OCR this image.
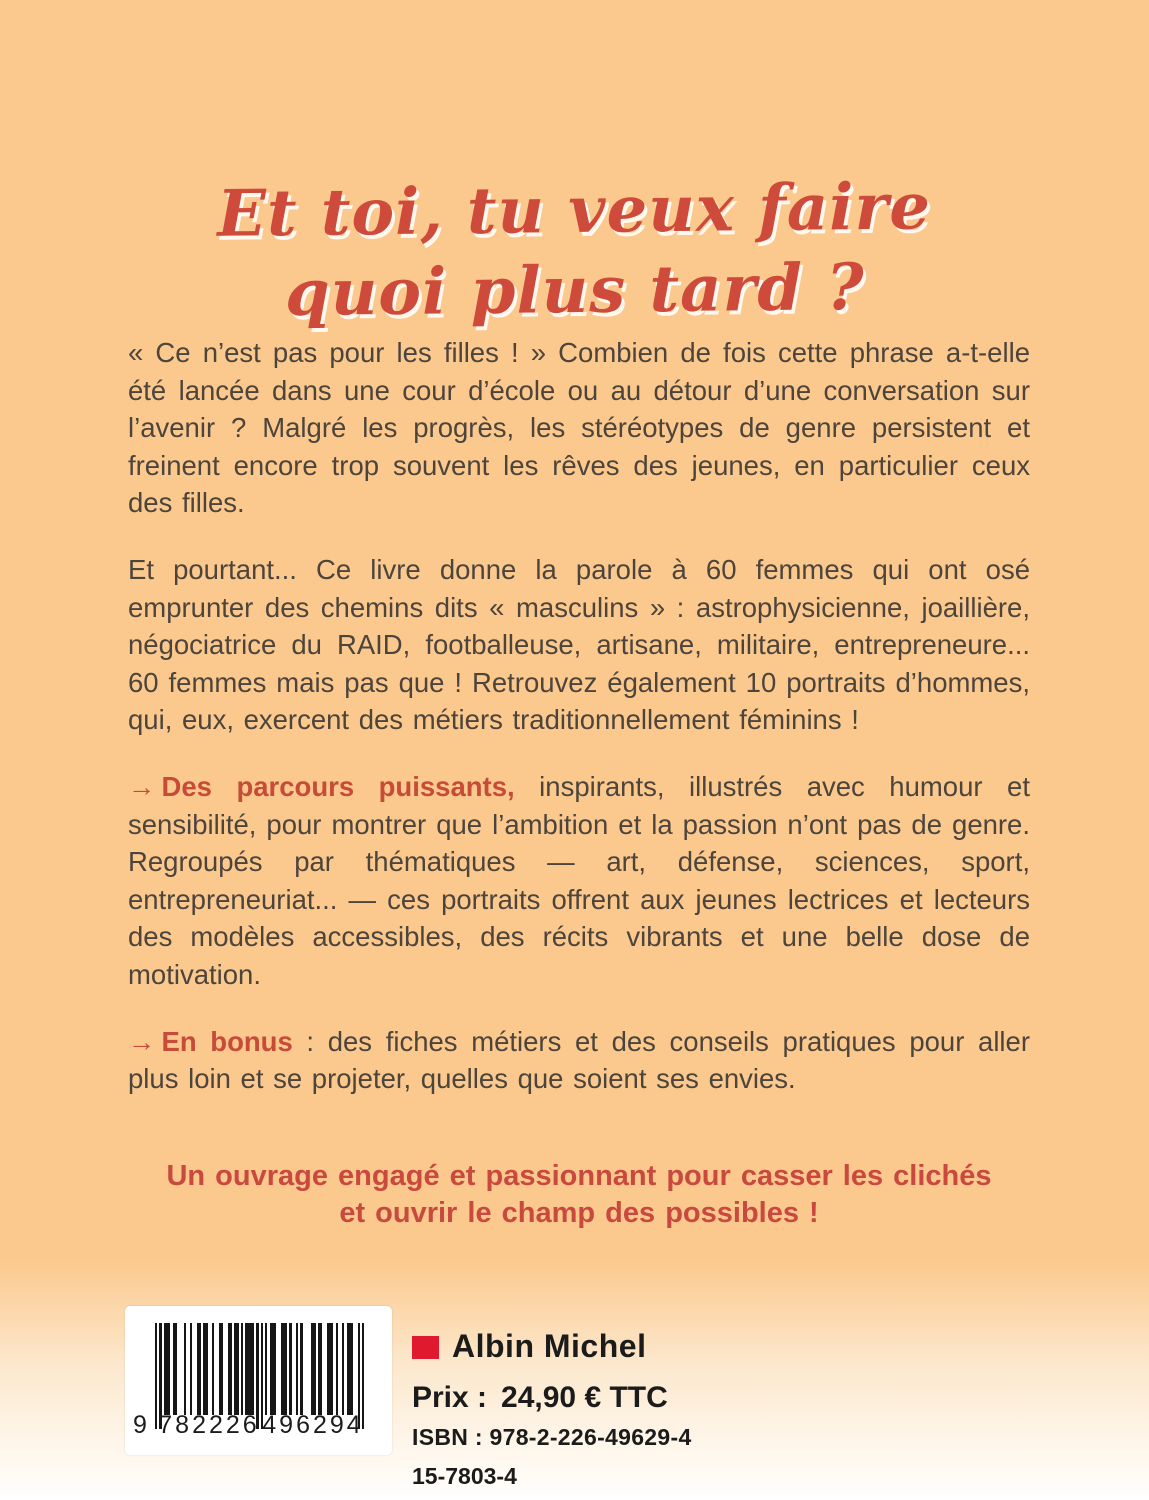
Et toi, tu veux faire
quoi plus tard ?

« Ce n’est pas pour les filles ! » Combien de fois cette phrase a-t-elle été lancée dans une cour d’école ou au détour d’une conversation sur l’avenir ? Malgré les progrès, les stéréotypes de genre persistent et freinent encore trop souvent les rêves des jeunes, en particulier ceux des filles.

Et pourtant... Ce livre donne la parole à 60 femmes qui ont osé emprunter des chemins dits « masculins » : astrophysicienne, joaillière, négociatrice du RAID, footballeuse, artisane, militaire, entrepreneure... 60 femmes mais pas que ! Retrouvez également 10 portraits d’hommes, qui, eux, exercent des métiers traditionnellement féminins !

→ Des parcours puissants, inspirants, illustrés avec humour et sensibilité, pour montrer que l’ambition et la passion n’ont pas de genre. Regroupés par thématiques — art, défense, sciences, sport, entrepreneuriat... — ces portraits offrent aux jeunes lectrices et lecteurs des modèles accessibles, des récits vibrants et une belle dose de motivation.

→ En bonus : des fiches métiers et des conseils pratiques pour aller plus loin et se projeter, quelles que soient ses envies.

Un ouvrage engagé et passionnant pour casser les clichés
et ouvrir le champ des possibles !
9 782226 496294
Albin Michel
Prix : 24,90 € TTC
ISBN : 978-2-226-49629-4
15-7803-4
